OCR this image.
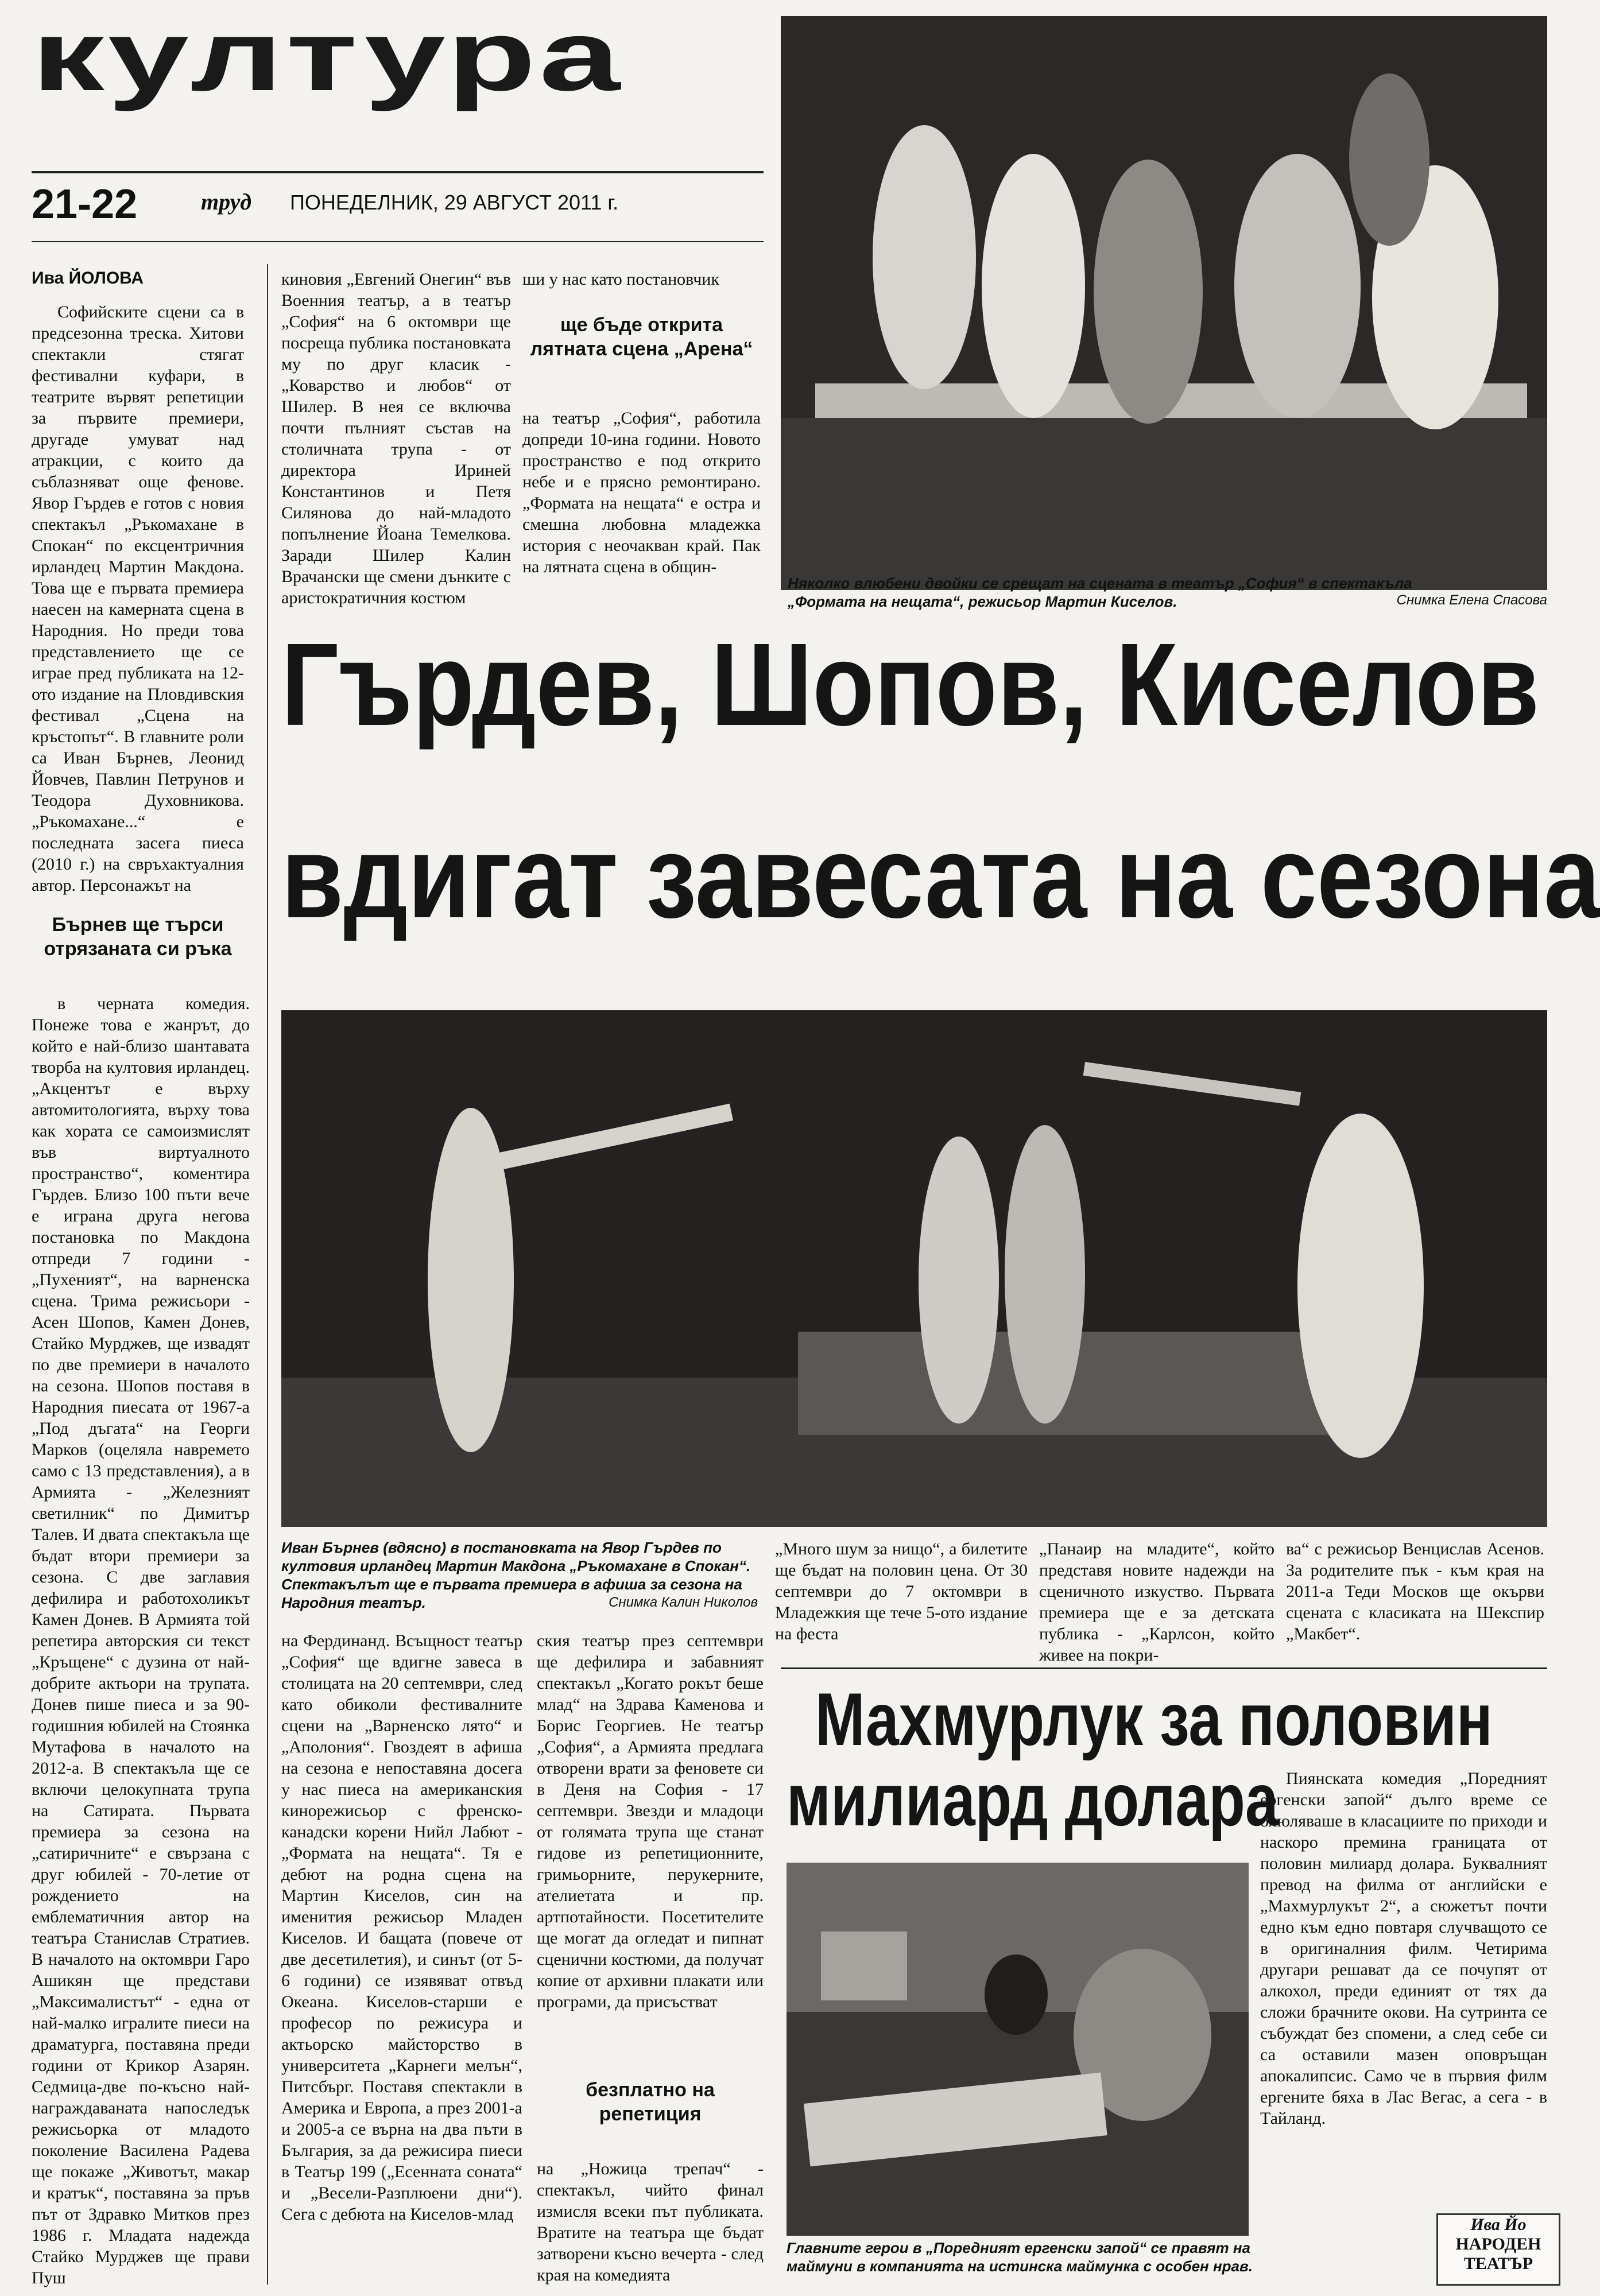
култура
21-22	труд ПОНЕДЕЛНИК, 29 АВГУСТ 2011 г.
Няколко влюбени двойки се срещат на сцената в театър „София“ в спектакъла „Формата на нещата“, режисьор Мартин Киселов.	Снимка Елена Спасова
Ива ЙОЛОВА

Софийските сцени са в предсезонна треска. Хитови спектакли стягат фестивални куфари, в театрите вървят репетиции за първите премиери, другаде умуват над атракции, с които да съблазняват още фенове. Явор Гърдев е готов с новия спектакъл „Ръкомахане в Спокан“ по ексцентричния ирландец Мартин Макдона. Това ще е първата премиера наесен на камерната сцена в Народния. Но преди това представлението ще се играе пред публиката на 12-ото издание на Пловдивския фестивал „Сцена на кръстопът“. В главните роли са Иван Бърнев, Леонид Йовчев, Павлин Петрунов и Теодора Духовникова. „Ръкомахане...“ е последната засега пиеса (2010 г.) на свръхактуалния автор. Персонажът на

Бърнев ще търси отрязаната си ръка

в черната комедия. Понеже това е жанрът, до който е най-близо шантавата творба на култовия ирландец. „Акцентът е върху автомитологията, върху това как хората се самоизмислят във виртуалното пространство“, коментира Гърдев. Близо 100 пъти вече е играна друга негова постановка по Макдона отпреди 7 години - „Пухеният“, на варненска сцена. Трима режисьори - Асен Шопов, Камен Донев, Стайко Мурджев, ще извадят по две премиери в началото на сезона. Шопов поставя в Народния пиесата от 1967-а „Под дъгата“ на Георги Марков (оцеляла навремето само с 13 представления), а в Армията - „Железният светилник“ по Димитър Талев. И двата спектакъла ще бъдат втори премиери за сезона. С две заглавия дефилира и работохоликът Камен Донев. В Армията той репетира авторския си текст „Кръщене“ с дузина от най-добрите актьори на трупата. Донев пише пиеса и за 90-годишния юбилей на Стоянка Мутафова в началото на 2012-а. В спектакъла ще се включи целокупната трупа на Сатирата. Първата премиера за сезона на „сатиричните“ е свързана с друг юбилей - 70-летие от рождението на емблематичния автор на театъра Станислав Стратиев. В началото на октомври Гаро Ашикян ще представи „Максималистът“ - една от най-малко игралите пиеси на драматурга, поставяна преди години от Крикор Азарян. Седмица-две по-късно най-награждаваната напоследък режисьорка от младото поколение Василена Радева ще покаже „Животът, макар и кратък“, поставяна за пръв път от Здравко Митков през 1986 г. Младата надежда Стайко Мурджев ще прави Пуш

киновия „Евгений Онегин“ във Военния театър, а в театър „София“ на 6 октомври ще посреща публика постановката му по друг класик - „Коварство и любов“ от Шилер. В нея се включва почти пълният състав на столичната трупа - от директора Ириней Константинов и Петя Силянова до най-младото попълнение Йоана Темелкова. Заради Шилер Калин Врачански ще смени дънките с аристократичния костюм

ши у нас като постановчик

ще бъде открита лятната сцена „Арена“

на театър „София“, работила допреди 10-ина години. Новото пространство е под открито небе и е прясно ремонтирано. „Формата на нещата“ е остра и смешна любовна младежка история с неочакван край. Пак на лятната сцена в общин-

Гърдев, Шопов, Киселов
вдигат завесата на сезона
Иван Бърнев (вдясно) в постановката на Явор Гърдев по култовия ирландец Мартин Макдона „Ръкомахане в Спокан“. Спектакълът ще е първата премиера в афиша за сезона на Народния театър.	Снимка Калин Николов

„Много шум за нищо“, а билетите ще бъдат на половин цена. От 30 септември до 7 октомври в Младежкия ще тече 5-ото издание на феста

„Панаир на младите“, който представя новите надежди на сценичното изкуство. Първата премиера ще е за детската публика - „Карлсон, който живее на покри-

ва“ с режисьор Венцислав Асенов. За родителите пък - към края на 2011-а Теди Москов ще окърви сцената с класиката на Шекспир „Макбет“.

на Фердинанд. Всъщност театър „София“ ще вдигне завеса в столицата на 20 септември, след като обиколи фестивалните сцени на „Варненско лято“ и „Аполония“. Гвоздеят в афиша на сезона е непоставяна досега у нас пиеса на американския кинорежисьор с френско-канадски корени Нийл Лабют - „Формата на нещата“. Тя е дебют на родна сцена на Мартин Киселов, син на именития режисьор Младен Киселов. И бащата (повече от две десетилетия), и синът (от 5-6 години) се изявяват отвъд Океана. Киселов-старши е професор по режисура и актьорско майсторство в университета „Карнеги мелън“, Питсбърг. Поставя спектакли в Америка и Европа, а през 2001-а и 2005-а се върна на два пъти в България, за да режисира пиеси в Театър 199 („Есенната соната“ и „Весели-Разплюени дни“). Сега с дебюта на Киселов-млад

ския театър през септември ще дефилира и забавният спектакъл „Когато рокът беше млад“ на Здрава Каменова и Борис Георгиев. Не театър „София“, а Армията предлага отворени врати за феновете си в Деня на София - 17 септември. Звезди и младоци от голямата трупа ще станат гидове из репетиционните, гримьорните, перукерните, ателиетата и пр. артпотайности. Посетителите ще могат да огледат и пипнат сценични костюми, да получат копие от архивни плакати или програми, да присъстват

безплатно на репетиция

на „Ножица трепач“ - спектакъл, чийто финал измисля всеки път публиката. Вратите на театъра ще бъдат затворени късно вечерта - след края на комедията

Махмурлук за половин
милиард долара Пиянската комедия „Поредният ергенски запой“ дълго време се олюляваше в класациите по приходи и наскоро премина границата от половин милиард долара. Буквалният превод на филма от английски е „Махмурлукът 2“, а сюжетът почти едно към едно повтаря случващото се в оригиналния филм. Четирима другари решават да се почупят от алкохол, преди единият от тях да сложи брачните окови. На сутринта се събуждат без спомени, а след себе си са оставили мазен оповръщан апокалипсис. Само че в първия филм ергените бяха в Лас Вегас, а сега - в Тайланд.

Главните герои в „Поредният ергенски запой“ се правят на маймуни в компанията на истинска маймунка с особен нрав.
Ива Йо
НАРОДЕН
ТЕАТЪР
